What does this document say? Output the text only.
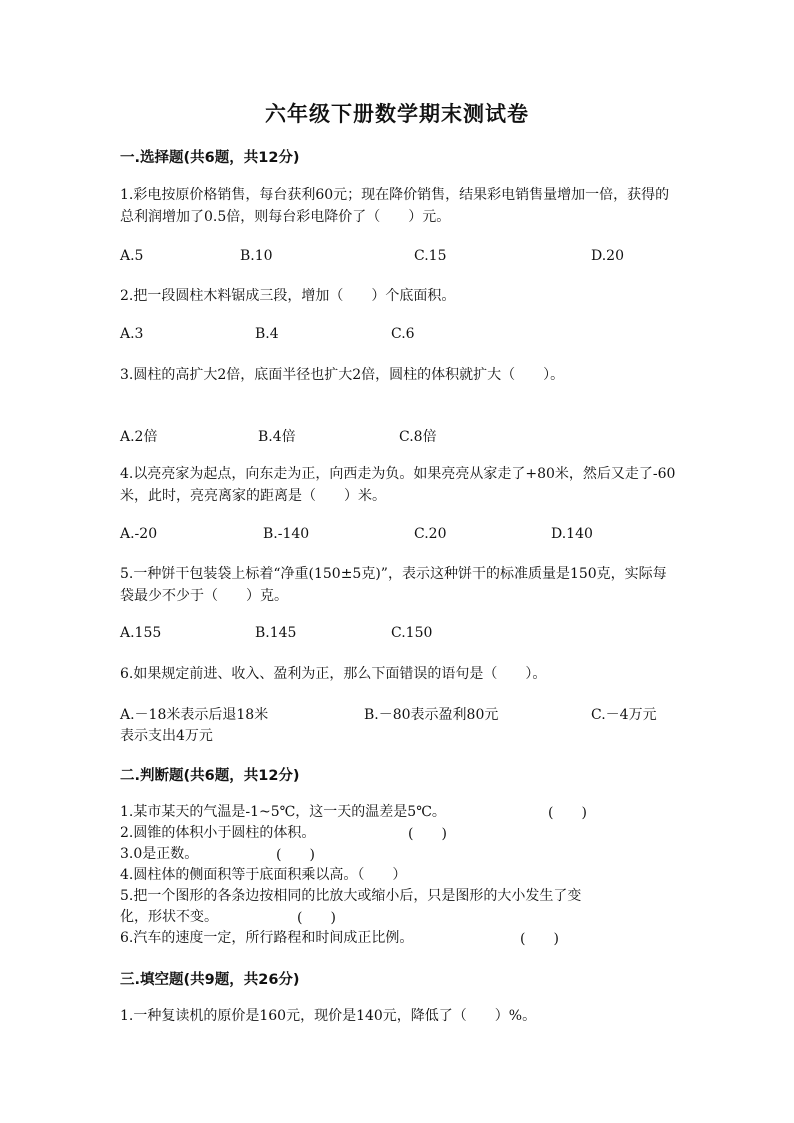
六年级下册数学期末测试卷
一.选择题(共6题，共12分)
1.彩电按原价格销售，每台获利60元；现在降价销售，结果彩电销售量增加一倍，获得的总利润增加了0.5倍，则每台彩电降价了（　　）元。
A.5	B.10	C.15	D.20
2.把一段圆柱木料锯成三段，增加（　　）个底面积。
A.3	B.4	C.6
3.圆柱的高扩大2倍，底面半径也扩大2倍，圆柱的体积就扩大（　　）。
A.2倍	B.4倍	C.8倍
4.以亮亮家为起点，向东走为正，向西走为负。如果亮亮从家走了+80米，然后又走了-60米，此时，亮亮离家的距离是（　　）米。
A.-20	B.-140	C.20	D.140
5.一种饼干包装袋上标着“净重(150±5克)”，表示这种饼干的标准质量是150克，实际每袋最少不少于（　　）克。
A.155	B.145	C.150
6.如果规定前进、收入、盈利为正，那么下面错误的语句是（　　）。
A.－18米表示后退18米	B.－80表示盈利80元	C.－4万元
表示支出4万元
二.判断题(共6题，共12分)
1.某市某天的气温是-1~5℃，这一天的温差是5℃。	(　　)
2.圆锥的体积小于圆柱的体积。	(　　)
3.0是正数。	(　　)
4.圆柱体的侧面积等于底面积乘以高。（　　）
5.把一个图形的各条边按相同的比放大或缩小后，只是图形的大小发生了变
化，形状不变。	(　　)
6.汽车的速度一定，所行路程和时间成正比例。	(　　)
三.填空题(共9题，共26分)
1.一种复读机的原价是160元，现价是140元，降低了（　　）%。
